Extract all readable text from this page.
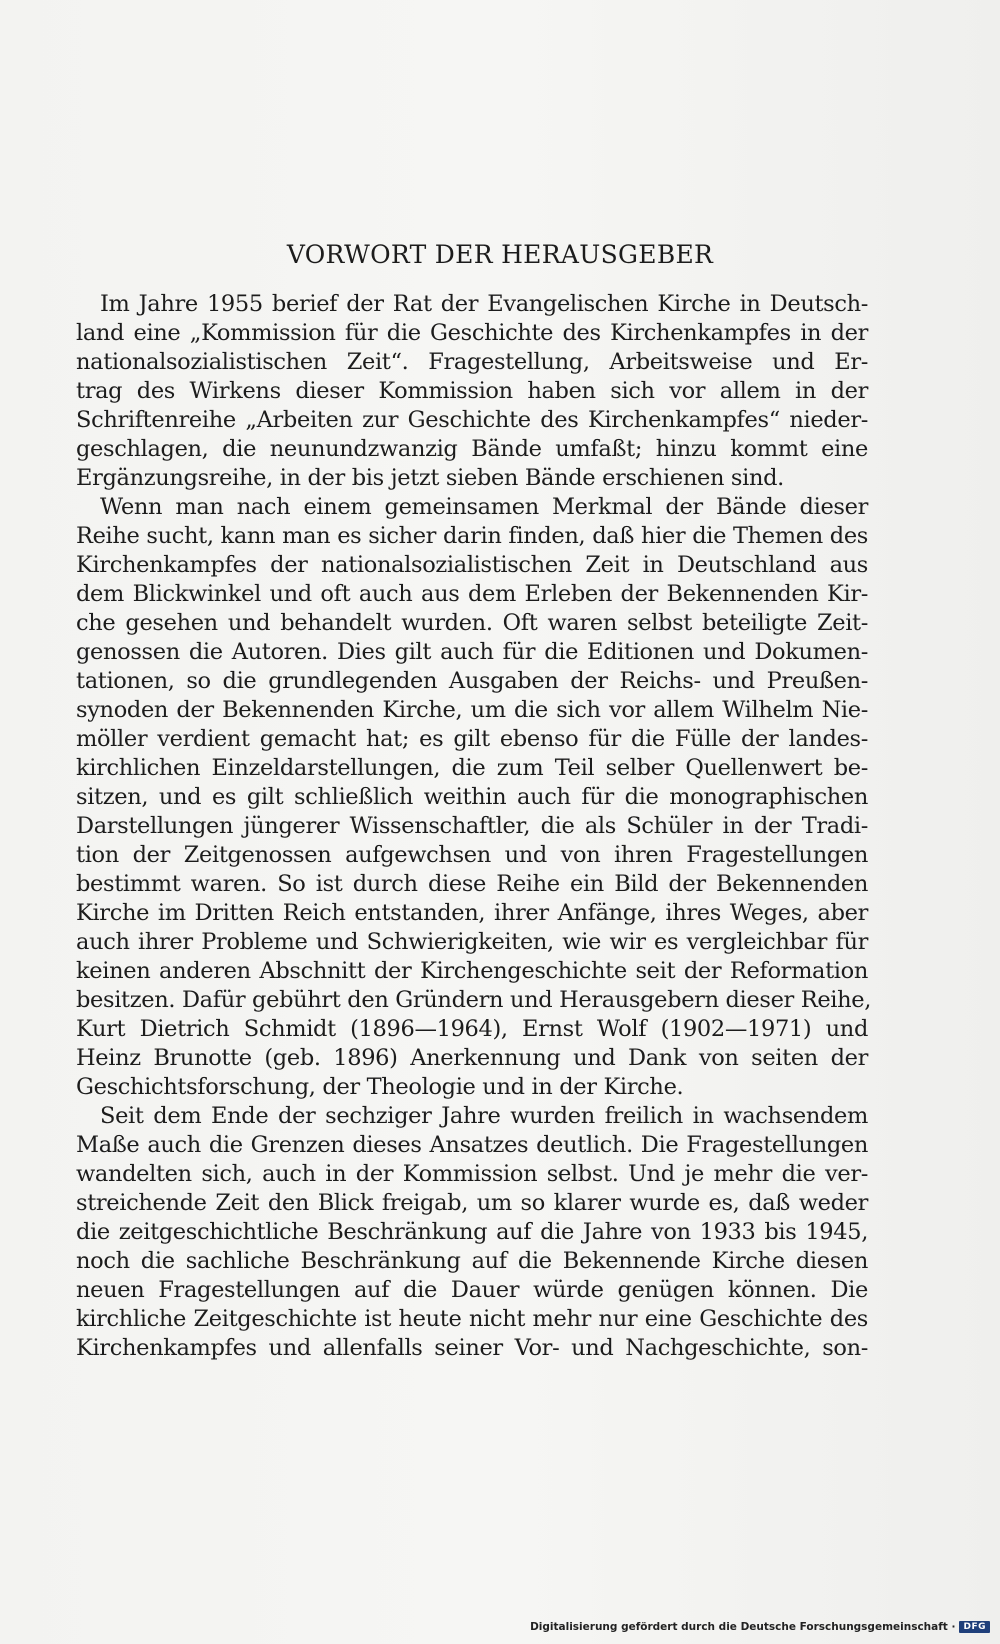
VORWORT DER HERAUSGEBER
Im Jahre 1955 berief der Rat der Evangelischen Kirche in Deutsch-
land eine „Kommission für die Geschichte des Kirchenkampfes in der
nationalsozialistischen Zeit“. Fragestellung, Arbeitsweise und Er-
trag des Wirkens dieser Kommission haben sich vor allem in der
Schriftenreihe „Arbeiten zur Geschichte des Kirchenkampfes“ nieder-
geschlagen, die neunundzwanzig Bände umfaßt; hinzu kommt eine
Ergänzungsreihe, in der bis jetzt sieben Bände erschienen sind.
Wenn man nach einem gemeinsamen Merkmal der Bände dieser
Reihe sucht, kann man es sicher darin finden, daß hier die Themen des
Kirchenkampfes der nationalsozialistischen Zeit in Deutschland aus
dem Blickwinkel und oft auch aus dem Erleben der Bekennenden Kir-
che gesehen und behandelt wurden. Oft waren selbst beteiligte Zeit-
genossen die Autoren. Dies gilt auch für die Editionen und Dokumen-
tationen, so die grundlegenden Ausgaben der Reichs- und Preußen-
synoden der Bekennenden Kirche, um die sich vor allem Wilhelm Nie-
möller verdient gemacht hat; es gilt ebenso für die Fülle der landes-
kirchlichen Einzeldarstellungen, die zum Teil selber Quellenwert be-
sitzen, und es gilt schließlich weithin auch für die monographischen
Darstellungen jüngerer Wissenschaftler, die als Schüler in der Tradi-
tion der Zeitgenossen aufgewchsen und von ihren Fragestellungen
bestimmt waren. So ist durch diese Reihe ein Bild der Bekennenden
Kirche im Dritten Reich entstanden, ihrer Anfänge, ihres Weges, aber
auch ihrer Probleme und Schwierigkeiten, wie wir es vergleichbar für
keinen anderen Abschnitt der Kirchengeschichte seit der Reformation
besitzen. Dafür gebührt den Gründern und Herausgebern dieser Reihe,
Kurt Dietrich Schmidt (1896—1964), Ernst Wolf (1902—1971) und
Heinz Brunotte (geb. 1896) Anerkennung und Dank von seiten der
Geschichtsforschung, der Theologie und in der Kirche.
Seit dem Ende der sechziger Jahre wurden freilich in wachsendem
Maße auch die Grenzen dieses Ansatzes deutlich. Die Fragestellungen
wandelten sich, auch in der Kommission selbst. Und je mehr die ver-
streichende Zeit den Blick freigab, um so klarer wurde es, daß weder
die zeitgeschichtliche Beschränkung auf die Jahre von 1933 bis 1945,
noch die sachliche Beschränkung auf die Bekennende Kirche diesen
neuen Fragestellungen auf die Dauer würde genügen können. Die
kirchliche Zeitgeschichte ist heute nicht mehr nur eine Geschichte des
Kirchenkampfes und allenfalls seiner Vor- und Nachgeschichte, son-
Digitalisierung gefördert durch die Deutsche Forschungsgemeinschaft · DFG
